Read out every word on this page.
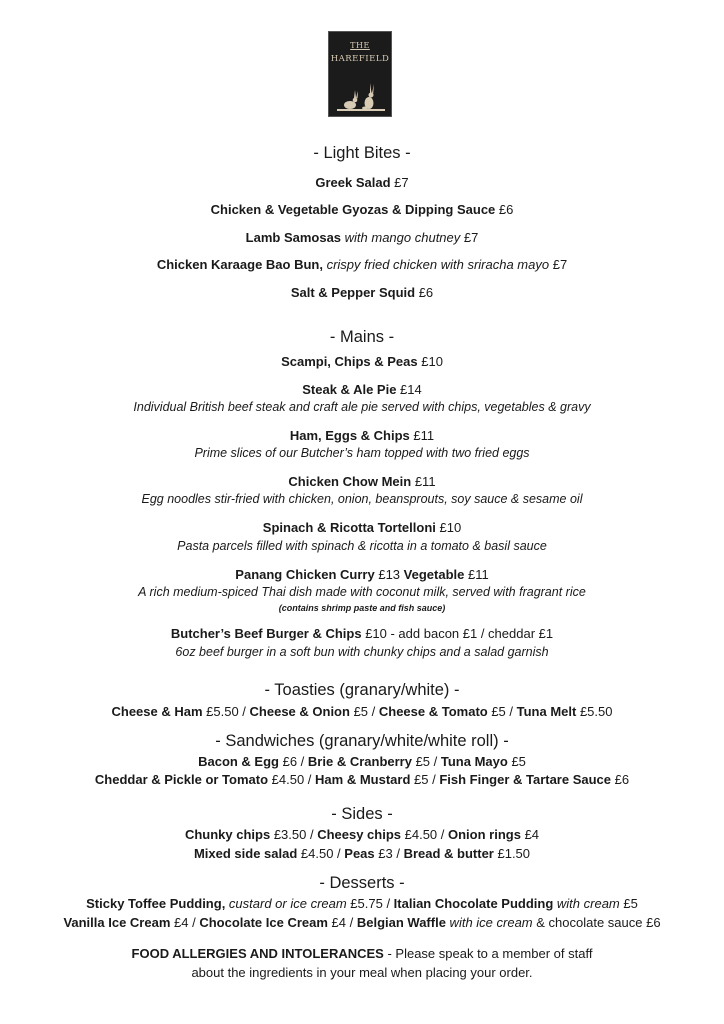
THE
HAREFIELD
- Light Bites -
Greek Salad £7
Chicken & Vegetable Gyozas & Dipping Sauce £6
Lamb Samosas with mango chutney £7
Chicken Karaage Bao Bun, crispy fried chicken with sriracha mayo £7
Salt & Pepper Squid £6
- Mains -
Scampi, Chips & Peas £10
Steak & Ale Pie £14
Individual British beef steak and craft ale pie served with chips, vegetables & gravy
Ham, Eggs & Chips £11
Prime slices of our Butcher’s ham topped with two fried eggs
Chicken Chow Mein £11
Egg noodles stir-fried with chicken, onion, beansprouts, soy sauce & sesame oil
Spinach & Ricotta Tortelloni £10
Pasta parcels filled with spinach & ricotta in a tomato & basil sauce
Panang Chicken Curry £13 Vegetable £11
A rich medium-spiced Thai dish made with coconut milk, served with fragrant rice
(contains shrimp paste and fish sauce)
Butcher’s Beef Burger & Chips £10 - add bacon £1 / cheddar £1
6oz beef burger in a soft bun with chunky chips and a salad garnish
- Toasties (granary/white) -
Cheese & Ham £5.50 / Cheese & Onion £5 / Cheese & Tomato £5 / Tuna Melt £5.50
- Sandwiches (granary/white/white roll) -
Bacon & Egg £6 / Brie & Cranberry £5 / Tuna Mayo £5
Cheddar & Pickle or Tomato £4.50 / Ham & Mustard £5 / Fish Finger & Tartare Sauce £6
- Sides -
Chunky chips £3.50 / Cheesy chips £4.50 / Onion rings £4
Mixed side salad £4.50 / Peas £3 / Bread & butter £1.50
- Desserts -
Sticky Toffee Pudding, custard or ice cream £5.75 / Italian Chocolate Pudding with cream £5
Vanilla Ice Cream £4 / Chocolate Ice Cream £4 / Belgian Waffle with ice cream & chocolate sauce £6
FOOD ALLERGIES AND INTOLERANCES - Please speak to a member of staff
about the ingredients in your meal when placing your order.
